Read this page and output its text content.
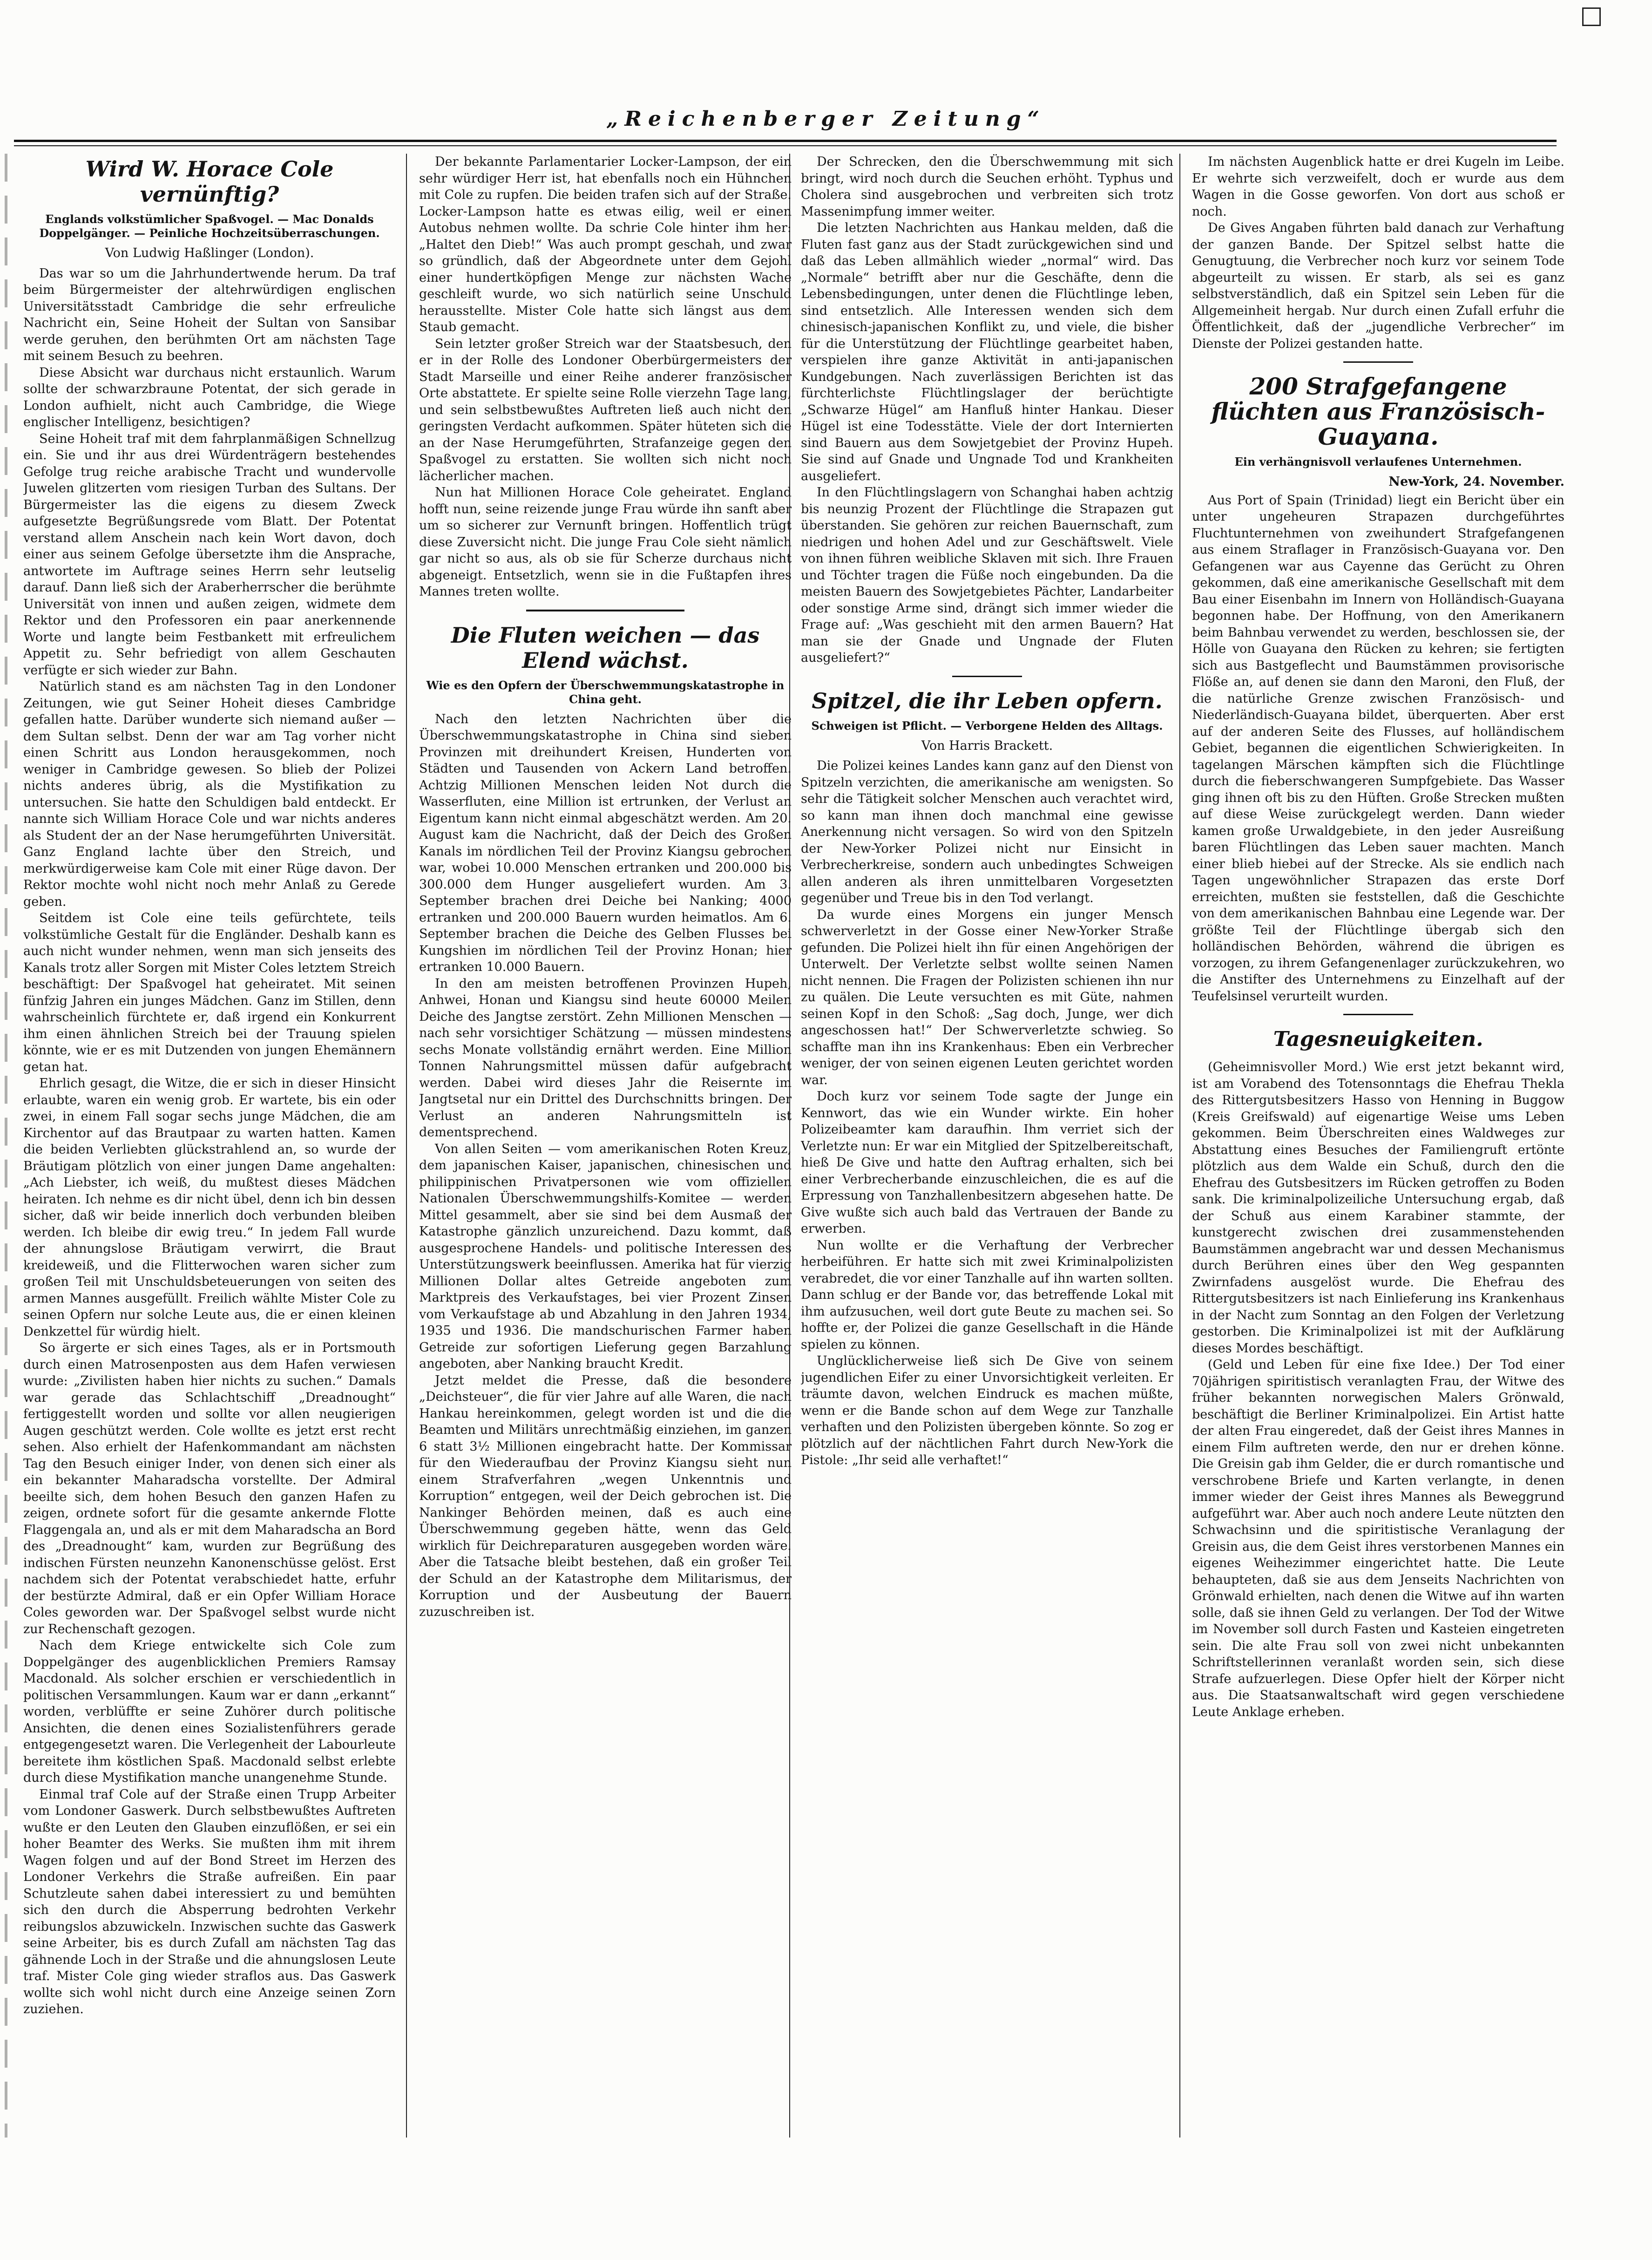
„Reichenberger Zeitung“
Wird W. Horace Cole vernünftig?
Englands volkstümlicher Spaßvogel. — Mac Donalds Doppelgänger. — Peinliche Hochzeitsüberraschungen.
Von Ludwig Haßlinger (London).

Das war so um die Jahrhundertwende herum. Da traf beim Bürgermeister der altehrwürdigen englischen Universitätsstadt Cambridge die sehr erfreuliche Nachricht ein, Seine Hoheit der Sultan von Sansibar werde geruhen, den berühmten Ort am nächsten Tage mit seinem Besuch zu beehren.

Diese Absicht war durchaus nicht erstaunlich. Warum sollte der schwarzbraune Potentat, der sich gerade in London aufhielt, nicht auch Cambridge, die Wiege englischer Intelligenz, besichtigen?

Seine Hoheit traf mit dem fahrplanmäßigen Schnellzug ein. Sie und ihr aus drei Würdenträgern bestehendes Gefolge trug reiche arabische Tracht und wundervolle Juwelen glitzerten vom riesigen Turban des Sultans. Der Bürgermeister las die eigens zu diesem Zweck aufgesetzte Begrüßungsrede vom Blatt. Der Potentat verstand allem Anschein nach kein Wort davon, doch einer aus seinem Gefolge übersetzte ihm die Ansprache, antwortete im Auftrage seines Herrn sehr leutselig darauf. Dann ließ sich der Araberherrscher die berühmte Universität von innen und außen zeigen, widmete dem Rektor und den Professoren ein paar anerkennende Worte und langte beim Festbankett mit erfreulichem Appetit zu. Sehr befriedigt von allem Geschauten verfügte er sich wieder zur Bahn.

Natürlich stand es am nächsten Tag in den Londoner Zeitungen, wie gut Seiner Hoheit dieses Cambridge gefallen hatte. Darüber wunderte sich niemand außer — dem Sultan selbst. Denn der war am Tag vorher nicht einen Schritt aus London herausgekommen, noch weniger in Cambridge gewesen. So blieb der Polizei nichts anderes übrig, als die Mystifikation zu untersuchen. Sie hatte den Schuldigen bald entdeckt. Er nannte sich William Horace Cole und war nichts anderes als Student der an der Nase herumgeführten Universität. Ganz England lachte über den Streich, und merkwürdigerweise kam Cole mit einer Rüge davon. Der Rektor mochte wohl nicht noch mehr Anlaß zu Gerede geben.

Seitdem ist Cole eine teils gefürchtete, teils volkstümliche Gestalt für die Engländer. Deshalb kann es auch nicht wunder nehmen, wenn man sich jenseits des Kanals trotz aller Sorgen mit Mister Coles letztem Streich beschäftigt: Der Spaßvogel hat geheiratet. Mit seinen fünfzig Jahren ein junges Mädchen. Ganz im Stillen, denn wahrscheinlich fürchtete er, daß irgend ein Konkurrent ihm einen ähnlichen Streich bei der Trauung spielen könnte, wie er es mit Dutzenden von jungen Ehemännern getan hat.

Ehrlich gesagt, die Witze, die er sich in dieser Hinsicht erlaubte, waren ein wenig grob. Er wartete, bis ein oder zwei, in einem Fall sogar sechs junge Mädchen, die am Kirchentor auf das Brautpaar zu warten hatten. Kamen die beiden Verliebten glückstrahlend an, so wurde der Bräutigam plötzlich von einer jungen Dame angehalten: „Ach Liebster, ich weiß, du mußtest dieses Mädchen heiraten. Ich nehme es dir nicht übel, denn ich bin dessen sicher, daß wir beide innerlich doch verbunden bleiben werden. Ich bleibe dir ewig treu.“ In jedem Fall wurde der ahnungslose Bräutigam verwirrt, die Braut kreideweiß, und die Flitterwochen waren sicher zum großen Teil mit Unschuldsbeteuerungen von seiten des armen Mannes ausgefüllt. Freilich wählte Mister Cole zu seinen Opfern nur solche Leute aus, die er einen kleinen Denkzettel für würdig hielt.

So ärgerte er sich eines Tages, als er in Portsmouth durch einen Matrosenposten aus dem Hafen verwiesen wurde: „Zivilisten haben hier nichts zu suchen.“ Damals war gerade das Schlachtschiff „Dreadnought“ fertiggestellt worden und sollte vor allen neugierigen Augen geschützt werden. Cole wollte es jetzt erst recht sehen. Also erhielt der Hafenkommandant am nächsten Tag den Besuch einiger Inder, von denen sich einer als ein bekannter Maharadscha vorstellte. Der Admiral beeilte sich, dem hohen Besuch den ganzen Hafen zu zeigen, ordnete sofort für die gesamte ankernde Flotte Flaggengala an, und als er mit dem Maharadscha an Bord des „Dreadnought“ kam, wurden zur Begrüßung des indischen Fürsten neunzehn Kanonenschüsse gelöst. Erst nachdem sich der Potentat verabschiedet hatte, erfuhr der bestürzte Admiral, daß er ein Opfer William Horace Coles geworden war. Der Spaßvogel selbst wurde nicht zur Rechenschaft gezogen.

Nach dem Kriege entwickelte sich Cole zum Doppelgänger des augenblicklichen Premiers Ramsay Macdonald. Als solcher erschien er verschiedentlich in politischen Versammlungen. Kaum war er dann „erkannt“ worden, verblüffte er seine Zuhörer durch politische Ansichten, die denen eines Sozialistenführers gerade entgegengesetzt waren. Die Verlegenheit der Labourleute bereitete ihm köstlichen Spaß. Macdonald selbst erlebte durch diese Mystifikation manche unangenehme Stunde.

Einmal traf Cole auf der Straße einen Trupp Arbeiter vom Londoner Gaswerk. Durch selbstbewußtes Auftreten wußte er den Leuten den Glauben einzuflößen, er sei ein hoher Beamter des Werks. Sie mußten ihm mit ihrem Wagen folgen und auf der Bond Street im Herzen des Londoner Verkehrs die Straße aufreißen. Ein paar Schutzleute sahen dabei interessiert zu und bemühten sich den durch die Absperrung bedrohten Verkehr reibungslos abzuwickeln. Inzwischen suchte das Gaswerk seine Arbeiter, bis es durch Zufall am nächsten Tag das gähnende Loch in der Straße und die ahnungslosen Leute traf. Mister Cole ging wieder straflos aus. Das Gaswerk wollte sich wohl nicht durch eine Anzeige seinen Zorn zuziehen.

Der bekannte Parlamentarier Locker-Lampson, der ein sehr würdiger Herr ist, hat ebenfalls noch ein Hühnchen mit Cole zu rupfen. Die beiden trafen sich auf der Straße. Locker-Lampson hatte es etwas eilig, weil er einen Autobus nehmen wollte. Da schrie Cole hinter ihm her: „Haltet den Dieb!“ Was auch prompt geschah, und zwar so gründlich, daß der Abgeordnete unter dem Gejohl einer hundertköpfigen Menge zur nächsten Wache geschleift wurde, wo sich natürlich seine Unschuld herausstellte. Mister Cole hatte sich längst aus dem Staub gemacht.

Sein letzter großer Streich war der Staatsbesuch, den er in der Rolle des Londoner Oberbürgermeisters der Stadt Marseille und einer Reihe anderer französischer Orte abstattete. Er spielte seine Rolle vierzehn Tage lang, und sein selbstbewußtes Auftreten ließ auch nicht den geringsten Verdacht aufkommen. Später hüteten sich die an der Nase Herumgeführten, Strafanzeige gegen den Spaßvogel zu erstatten. Sie wollten sich nicht noch lächerlicher machen.

Nun hat Millionen Horace Cole geheiratet. England hofft nun, seine reizende junge Frau würde ihn sanft aber um so sicherer zur Vernunft bringen. Hoffentlich trügt diese Zuversicht nicht. Die junge Frau Cole sieht nämlich gar nicht so aus, als ob sie für Scherze durchaus nicht abgeneigt. Entsetzlich, wenn sie in die Fußtapfen ihres Mannes treten wollte.

Die Fluten weichen — das Elend wächst.
Wie es den Opfern der Überschwemmungskatastrophe in China geht.

Nach den letzten Nachrichten über die Überschwemmungskatastrophe in China sind sieben Provinzen mit dreihundert Kreisen, Hunderten von Städten und Tausenden von Ackern Land betroffen. Achtzig Millionen Menschen leiden Not durch die Wasserfluten, eine Million ist ertrunken, der Verlust an Eigentum kann nicht einmal abgeschätzt werden. Am 20. August kam die Nachricht, daß der Deich des Großen Kanals im nördlichen Teil der Provinz Kiangsu gebrochen war, wobei 10.000 Menschen ertranken und 200.000 bis 300.000 dem Hunger ausgeliefert wurden. Am 3. September brachen drei Deiche bei Nanking; 4000 ertranken und 200.000 Bauern wurden heimatlos. Am 6. September brachen die Deiche des Gelben Flusses bei Kungshien im nördlichen Teil der Provinz Honan; hier ertranken 10.000 Bauern.

In den am meisten betroffenen Provinzen Hupeh, Anhwei, Honan und Kiangsu sind heute 60000 Meilen Deiche des Jangtse zerstört. Zehn Millionen Menschen — nach sehr vorsichtiger Schätzung — müssen mindestens sechs Monate vollständig ernährt werden. Eine Million Tonnen Nahrungsmittel müssen dafür aufgebracht werden. Dabei wird dieses Jahr die Reisernte im Jangtsetal nur ein Drittel des Durchschnitts bringen. Der Verlust an anderen Nahrungsmitteln ist dementsprechend.

Von allen Seiten — vom amerikanischen Roten Kreuz, dem japanischen Kaiser, japanischen, chinesischen und philippinischen Privatpersonen wie vom offiziellen Nationalen Überschwemmungshilfs-Komitee — werden Mittel gesammelt, aber sie sind bei dem Ausmaß der Katastrophe gänzlich unzureichend. Dazu kommt, daß ausgesprochene Handels- und politische Interessen des Unterstützungswerk beeinflussen. Amerika hat für vierzig Millionen Dollar altes Getreide angeboten zum Marktpreis des Verkaufstages, bei vier Prozent Zinsen vom Verkaufstage ab und Abzahlung in den Jahren 1934, 1935 und 1936. Die mandschurischen Farmer haben Getreide zur sofortigen Lieferung gegen Barzahlung angeboten, aber Nanking braucht Kredit.

Jetzt meldet die Presse, daß die besondere „Deichsteuer“, die für vier Jahre auf alle Waren, die nach Hankau hereinkommen, gelegt worden ist und die die Beamten und Militärs unrechtmäßig einziehen, im ganzen 6 statt 3½ Millionen eingebracht hatte. Der Kommissar für den Wiederaufbau der Provinz Kiangsu sieht nun einem Strafverfahren „wegen Unkenntnis und Korruption“ entgegen, weil der Deich gebrochen ist. Die Nankinger Behörden meinen, daß es auch eine Überschwemmung gegeben hätte, wenn das Geld wirklich für Deichreparaturen ausgegeben worden wäre. Aber die Tatsache bleibt bestehen, daß ein großer Teil der Schuld an der Katastrophe dem Militarismus, der Korruption und der Ausbeutung der Bauern zuzuschreiben ist.

Der Schrecken, den die Überschwemmung mit sich bringt, wird noch durch die Seuchen erhöht. Typhus und Cholera sind ausgebrochen und verbreiten sich trotz Massenimpfung immer weiter.

Die letzten Nachrichten aus Hankau melden, daß die Fluten fast ganz aus der Stadt zurückgewichen sind und daß das Leben allmählich wieder „normal“ wird. Das „Normale“ betrifft aber nur die Geschäfte, denn die Lebensbedingungen, unter denen die Flüchtlinge leben, sind entsetzlich. Alle Interessen wenden sich dem chinesisch-japanischen Konflikt zu, und viele, die bisher für die Unterstützung der Flüchtlinge gearbeitet haben, verspielen ihre ganze Aktivität in anti-japanischen Kundgebungen. Nach zuverlässigen Berichten ist das fürchterlichste Flüchtlingslager der berüchtigte „Schwarze Hügel“ am Hanfluß hinter Hankau. Dieser Hügel ist eine Todesstätte. Viele der dort Internierten sind Bauern aus dem Sowjetgebiet der Provinz Hupeh. Sie sind auf Gnade und Ungnade Tod und Krankheiten ausgeliefert.

In den Flüchtlingslagern von Schanghai haben achtzig bis neunzig Prozent der Flüchtlinge die Strapazen gut überstanden. Sie gehören zur reichen Bauernschaft, zum niedrigen und hohen Adel und zur Geschäftswelt. Viele von ihnen führen weibliche Sklaven mit sich. Ihre Frauen und Töchter tragen die Füße noch eingebunden. Da die meisten Bauern des Sowjetgebietes Pächter, Landarbeiter oder sonstige Arme sind, drängt sich immer wieder die Frage auf: „Was geschieht mit den armen Bauern? Hat man sie der Gnade und Ungnade der Fluten ausgeliefert?“

Spitzel, die ihr Leben opfern.
Schweigen ist Pflicht. — Verborgene Helden des Alltags.
Von Harris Brackett.

Die Polizei keines Landes kann ganz auf den Dienst von Spitzeln verzichten, die amerikanische am wenigsten. So sehr die Tätigkeit solcher Menschen auch verachtet wird, so kann man ihnen doch manchmal eine gewisse Anerkennung nicht versagen. So wird von den Spitzeln der New-Yorker Polizei nicht nur Einsicht in Verbrecherkreise, sondern auch unbedingtes Schweigen allen anderen als ihren unmittelbaren Vorgesetzten gegenüber und Treue bis in den Tod verlangt.

Da wurde eines Morgens ein junger Mensch schwerverletzt in der Gosse einer New-Yorker Straße gefunden. Die Polizei hielt ihn für einen Angehörigen der Unterwelt. Der Verletzte selbst wollte seinen Namen nicht nennen. Die Fragen der Polizisten schienen ihn nur zu quälen. Die Leute versuchten es mit Güte, nahmen seinen Kopf in den Schoß: „Sag doch, Junge, wer dich angeschossen hat!“ Der Schwerverletzte schwieg. So schaffte man ihn ins Krankenhaus: Eben ein Verbrecher weniger, der von seinen eigenen Leuten gerichtet worden war.

Doch kurz vor seinem Tode sagte der Junge ein Kennwort, das wie ein Wunder wirkte. Ein hoher Polizeibeamter kam daraufhin. Ihm verriet sich der Verletzte nun: Er war ein Mitglied der Spitzelbereitschaft, hieß De Give und hatte den Auftrag erhalten, sich bei einer Verbrecherbande einzuschleichen, die es auf die Erpressung von Tanzhallenbesitzern abgesehen hatte. De Give wußte sich auch bald das Vertrauen der Bande zu erwerben.

Nun wollte er die Verhaftung der Verbrecher herbeiführen. Er hatte sich mit zwei Kriminalpolizisten verabredet, die vor einer Tanzhalle auf ihn warten sollten. Dann schlug er der Bande vor, das betreffende Lokal mit ihm aufzusuchen, weil dort gute Beute zu machen sei. So hoffte er, der Polizei die ganze Gesellschaft in die Hände spielen zu können.

Unglücklicherweise ließ sich De Give von seinem jugendlichen Eifer zu einer Unvorsichtigkeit verleiten. Er träumte davon, welchen Eindruck es machen müßte, wenn er die Bande schon auf dem Wege zur Tanzhalle verhaften und den Polizisten übergeben könnte. So zog er plötzlich auf der nächtlichen Fahrt durch New-York die Pistole: „Ihr seid alle verhaftet!“

Im nächsten Augenblick hatte er drei Kugeln im Leibe. Er wehrte sich verzweifelt, doch er wurde aus dem Wagen in die Gosse geworfen. Von dort aus schoß er noch.

De Gives Angaben führten bald danach zur Verhaftung der ganzen Bande. Der Spitzel selbst hatte die Genugtuung, die Verbrecher noch kurz vor seinem Tode abgeurteilt zu wissen. Er starb, als sei es ganz selbstverständlich, daß ein Spitzel sein Leben für die Allgemeinheit hergab. Nur durch einen Zufall erfuhr die Öffentlichkeit, daß der „jugendliche Verbrecher“ im Dienste der Polizei gestanden hatte.

200 Strafgefangene flüchten aus Französisch-Guayana.
Ein verhängnisvoll verlaufenes Unternehmen.
New-York, 24. November.

Aus Port of Spain (Trinidad) liegt ein Bericht über ein unter ungeheuren Strapazen durchgeführtes Fluchtunternehmen von zweihundert Strafgefangenen aus einem Straflager in Französisch-Guayana vor. Den Gefangenen war aus Cayenne das Gerücht zu Ohren gekommen, daß eine amerikanische Gesellschaft mit dem Bau einer Eisenbahn im Innern von Holländisch-Guayana begonnen habe. Der Hoffnung, von den Amerikanern beim Bahnbau verwendet zu werden, beschlossen sie, der Hölle von Guayana den Rücken zu kehren; sie fertigten sich aus Bastgeflecht und Baumstämmen provisorische Flöße an, auf denen sie dann den Maroni, den Fluß, der die natürliche Grenze zwischen Französisch- und Niederländisch-Guayana bildet, überquerten. Aber erst auf der anderen Seite des Flusses, auf holländischem Gebiet, begannen die eigentlichen Schwierigkeiten. In tagelangen Märschen kämpften sich die Flüchtlinge durch die fieberschwangeren Sumpfgebiete. Das Wasser ging ihnen oft bis zu den Hüften. Große Strecken mußten auf diese Weise zurückgelegt werden. Dann wieder kamen große Urwaldgebiete, in den jeder Ausreißung baren Flüchtlingen das Leben sauer machten. Manch einer blieb hiebei auf der Strecke. Als sie endlich nach Tagen ungewöhnlicher Strapazen das erste Dorf erreichten, mußten sie feststellen, daß die Geschichte von dem amerikanischen Bahnbau eine Legende war. Der größte Teil der Flüchtlinge übergab sich den holländischen Behörden, während die übrigen es vorzogen, zu ihrem Gefangenenlager zurückzukehren, wo die Anstifter des Unternehmens zu Einzelhaft auf der Teufelsinsel verurteilt wurden.

Tagesneuigkeiten.

(Geheimnisvoller Mord.) Wie erst jetzt bekannt wird, ist am Vorabend des Totensonntags die Ehefrau Thekla des Rittergutsbesitzers Hasso von Henning in Buggow (Kreis Greifswald) auf eigenartige Weise ums Leben gekommen. Beim Überschreiten eines Waldweges zur Abstattung eines Besuches der Familiengruft ertönte plötzlich aus dem Walde ein Schuß, durch den die Ehefrau des Gutsbesitzers im Rücken getroffen zu Boden sank. Die kriminalpolizeiliche Untersuchung ergab, daß der Schuß aus einem Karabiner stammte, der kunstgerecht zwischen drei zusammenstehenden Baumstämmen angebracht war und dessen Mechanismus durch Berühren eines über den Weg gespannten Zwirnfadens ausgelöst wurde. Die Ehefrau des Rittergutsbesitzers ist nach Einlieferung ins Krankenhaus in der Nacht zum Sonntag an den Folgen der Verletzung gestorben. Die Kriminalpolizei ist mit der Aufklärung dieses Mordes beschäftigt.

(Geld und Leben für eine fixe Idee.) Der Tod einer 70jährigen spiritistisch veranlagten Frau, der Witwe des früher bekannten norwegischen Malers Grönwald, beschäftigt die Berliner Kriminalpolizei. Ein Artist hatte der alten Frau eingeredet, daß der Geist ihres Mannes in einem Film auftreten werde, den nur er drehen könne. Die Greisin gab ihm Gelder, die er durch romantische und verschrobene Briefe und Karten verlangte, in denen immer wieder der Geist ihres Mannes als Beweggrund aufgeführt war. Aber auch noch andere Leute nützten den Schwachsinn und die spiritistische Veranlagung der Greisin aus, die dem Geist ihres verstorbenen Mannes ein eigenes Weihezimmer eingerichtet hatte. Die Leute behaupteten, daß sie aus dem Jenseits Nachrichten von Grönwald erhielten, nach denen die Witwe auf ihn warten solle, daß sie ihnen Geld zu verlangen. Der Tod der Witwe im November soll durch Fasten und Kasteien eingetreten sein. Die alte Frau soll von zwei nicht unbekannten Schriftstellerinnen veranlaßt worden sein, sich diese Strafe aufzuerlegen. Diese Opfer hielt der Körper nicht aus. Die Staatsanwaltschaft wird gegen verschiedene Leute Anklage erheben.
